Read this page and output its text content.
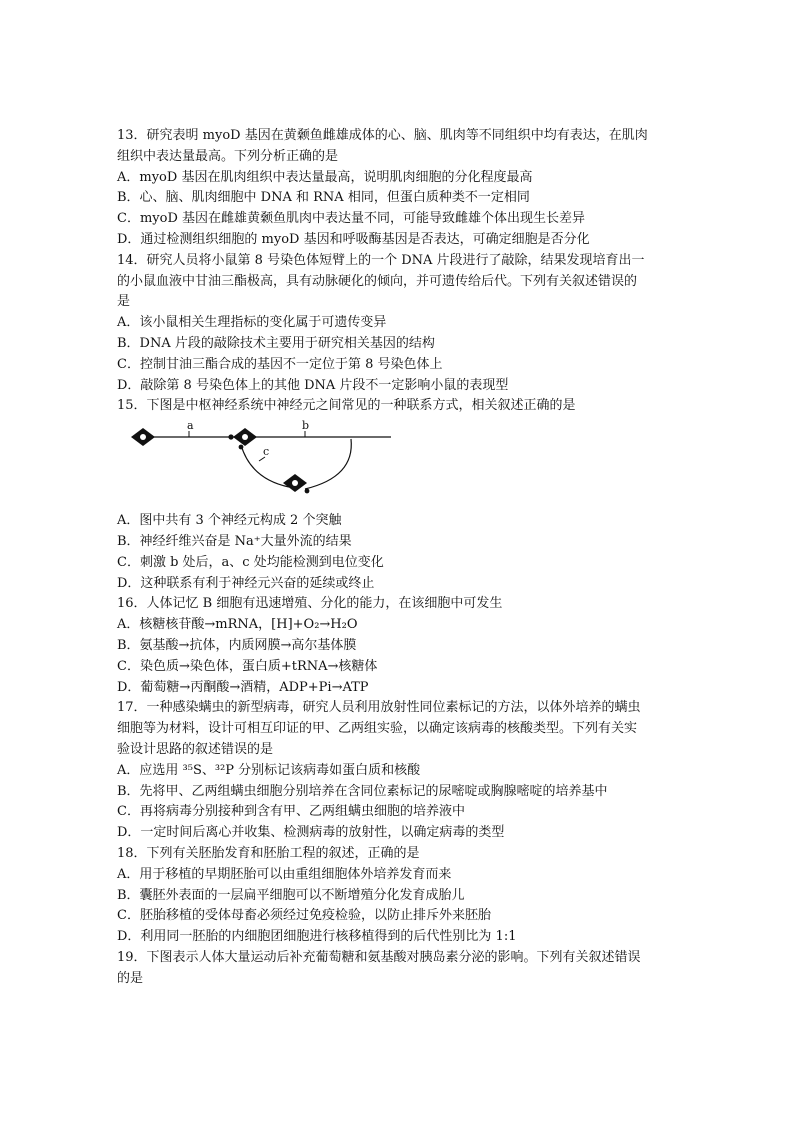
13．研究表明 myoD 基因在黄颡鱼雌雄成体的心、脑、肌肉等不同组织中均有表达，在肌肉

组织中表达量最高。下列分析正确的是

A．myoD 基因在肌肉组织中表达量最高，说明肌肉细胞的分化程度最高

B．心、脑、肌肉细胞中 DNA 和 RNA 相同，但蛋白质种类不一定相同

C．myoD 基因在雌雄黄颡鱼肌肉中表达量不同，可能导致雌雄个体出现生长差异

D．通过检测组织细胞的 myoD 基因和呼吸酶基因是否表达，可确定细胞是否分化

14．研究人员将小鼠第 8 号染色体短臂上的一个 DNA 片段进行了敲除，结果发现培育出一

的小鼠血液中甘油三酯极高，具有动脉硬化的倾向，并可遗传给后代。下列有关叙述错误的

是

A．该小鼠相关生理指标的变化属于可遗传变异

B．DNA 片段的敲除技术主要用于研究相关基因的结构

C．控制甘油三酯合成的基因不一定位于第 8 号染色体上

D．敲除第 8 号染色体上的其他 DNA 片段不一定影响小鼠的表现型

15．下图是中枢神经系统中神经元之间常见的一种联系方式，相关叙述正确的是

a	b
c

A．图中共有 3 个神经元构成 2 个突触

B．神经纤维兴奋是 Na⁺大量外流的结果

C．刺激 b 处后，a、c 处均能检测到电位变化

D．这种联系有利于神经元兴奋的延续或终止

16．人体记忆 B 细胞有迅速增殖、分化的能力，在该细胞中可发生

A．核糖核苷酸→mRNA，[H]+O₂→H₂O

B．氨基酸→抗体，内质网膜→高尔基体膜

C．染色质→染色体，蛋白质+tRNA→核糖体

D．葡萄糖→丙酮酸→酒精，ADP+Pi→ATP

17．一种感染螨虫的新型病毒，研究人员利用放射性同位素标记的方法，以体外培养的螨虫

细胞等为材料，设计可相互印证的甲、乙两组实验，以确定该病毒的核酸类型。下列有关实

验设计思路的叙述错误的是

A．应选用 ³⁵S、³²P 分别标记该病毒如蛋白质和核酸

B．先将甲、乙两组螨虫细胞分别培养在含同位素标记的尿嘧啶或胸腺嘧啶的培养基中

C．再将病毒分别接种到含有甲、乙两组螨虫细胞的培养液中

D．一定时间后离心并收集、检测病毒的放射性，以确定病毒的类型

18．下列有关胚胎发育和胚胎工程的叙述，正确的是

A．用于移植的早期胚胎可以由重组细胞体外培养发育而来

B．囊胚外表面的一层扁平细胞可以不断增殖分化发育成胎儿

C．胚胎移植的受体母畜必须经过免疫检验，以防止排斥外来胚胎

D．利用同一胚胎的内细胞团细胞进行核移植得到的后代性别比为 1:1

19．下图表示人体大量运动后补充葡萄糖和氨基酸对胰岛素分泌的影响。下列有关叙述错误

的是
